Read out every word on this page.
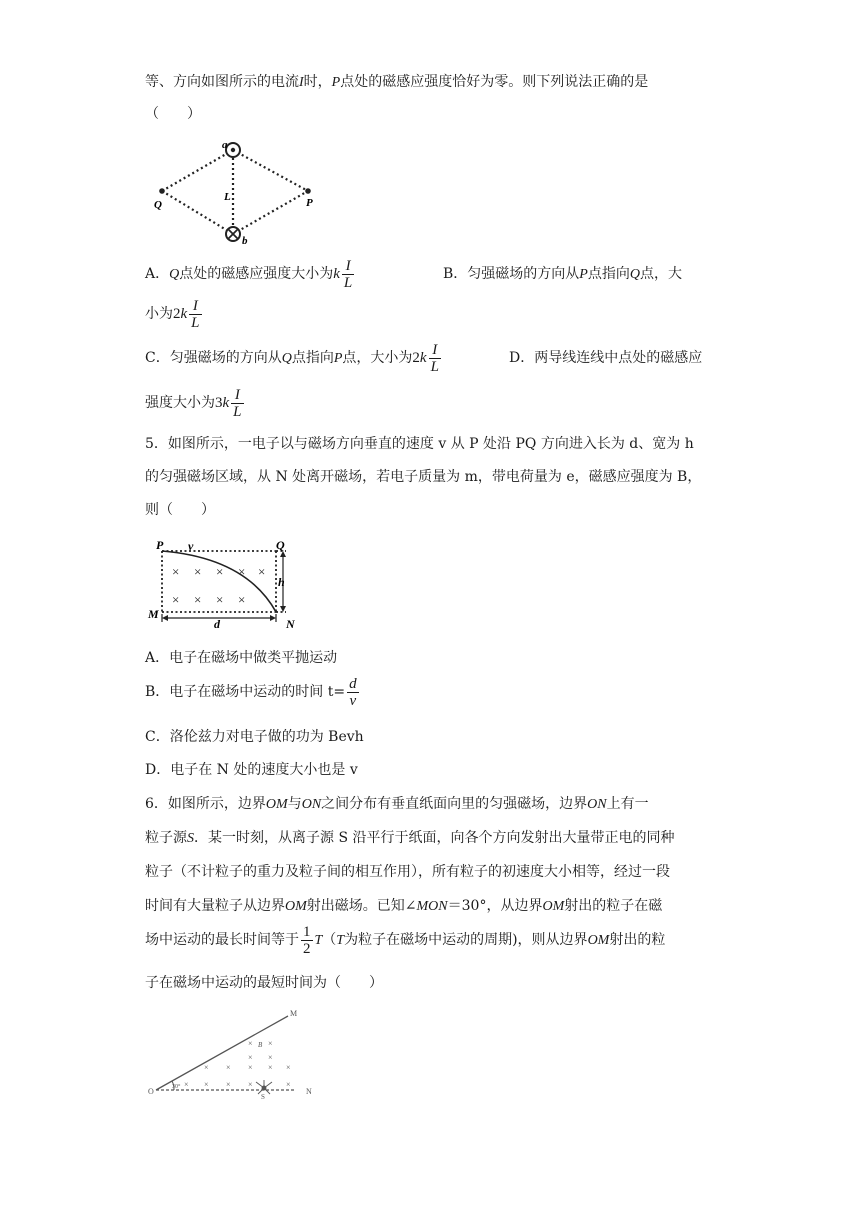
等、方向如图所示的电流I时，P点处的磁感应强度恰好为零。则下列说法正确的是
（　　）
a
b
Q	P
L
A．Q点处的磁感应强度大小为k $\frac{I}{L}$	B．匀强磁场的方向从P点指向Q点，大
小为$2k \frac{I}{L}$
C．匀强磁场的方向从Q点指向P点，大小为$2k \frac{I}{L}$	D．两导线连线中点处的磁感应
强度大小为$3k \frac{I}{L}$
5．如图所示，一电子以与磁场方向垂直的速度 v 从 P 处沿 PQ 方向进入长为 d、宽为 h
的匀强磁场区域，从 N 处离开磁场，若电子质量为 m，带电荷量为 e，磁感应强度为 B，
则（　　）
× × × × ×
× × × ×
P v	Q
h
M
d	N
A．电子在磁场中做类平抛运动
B．电子在磁场中运动的时间 $t= \frac{d}{v}$
C．洛伦兹力对电子做的功为 Bevh
D．电子在 N 处的速度大小也是 v
6．如图所示，边界OM与ON之间分布有垂直纸面向里的匀强磁场，边界ON上有一
粒子源S．某一时刻，从离子源 S 沿平行于纸面，向各个方向发射出大量带正电的同种
粒子（不计粒子的重力及粒子间的相互作用），所有粒子的初速度大小相等，经过一段
时间有大量粒子从边界OM射出磁场。已知∠MON＝30°，从边界OM射出的粒子在磁
场中运动的最长时间等于 $\frac{1}{2} T(T$为粒子在磁场中运动的周期)，则从边界OM射出的粒
子在磁场中运动的最短时间为（　　）
× ×
× ×
× × × × ×
× × × ×	×
O
M
N
S
B
30°
